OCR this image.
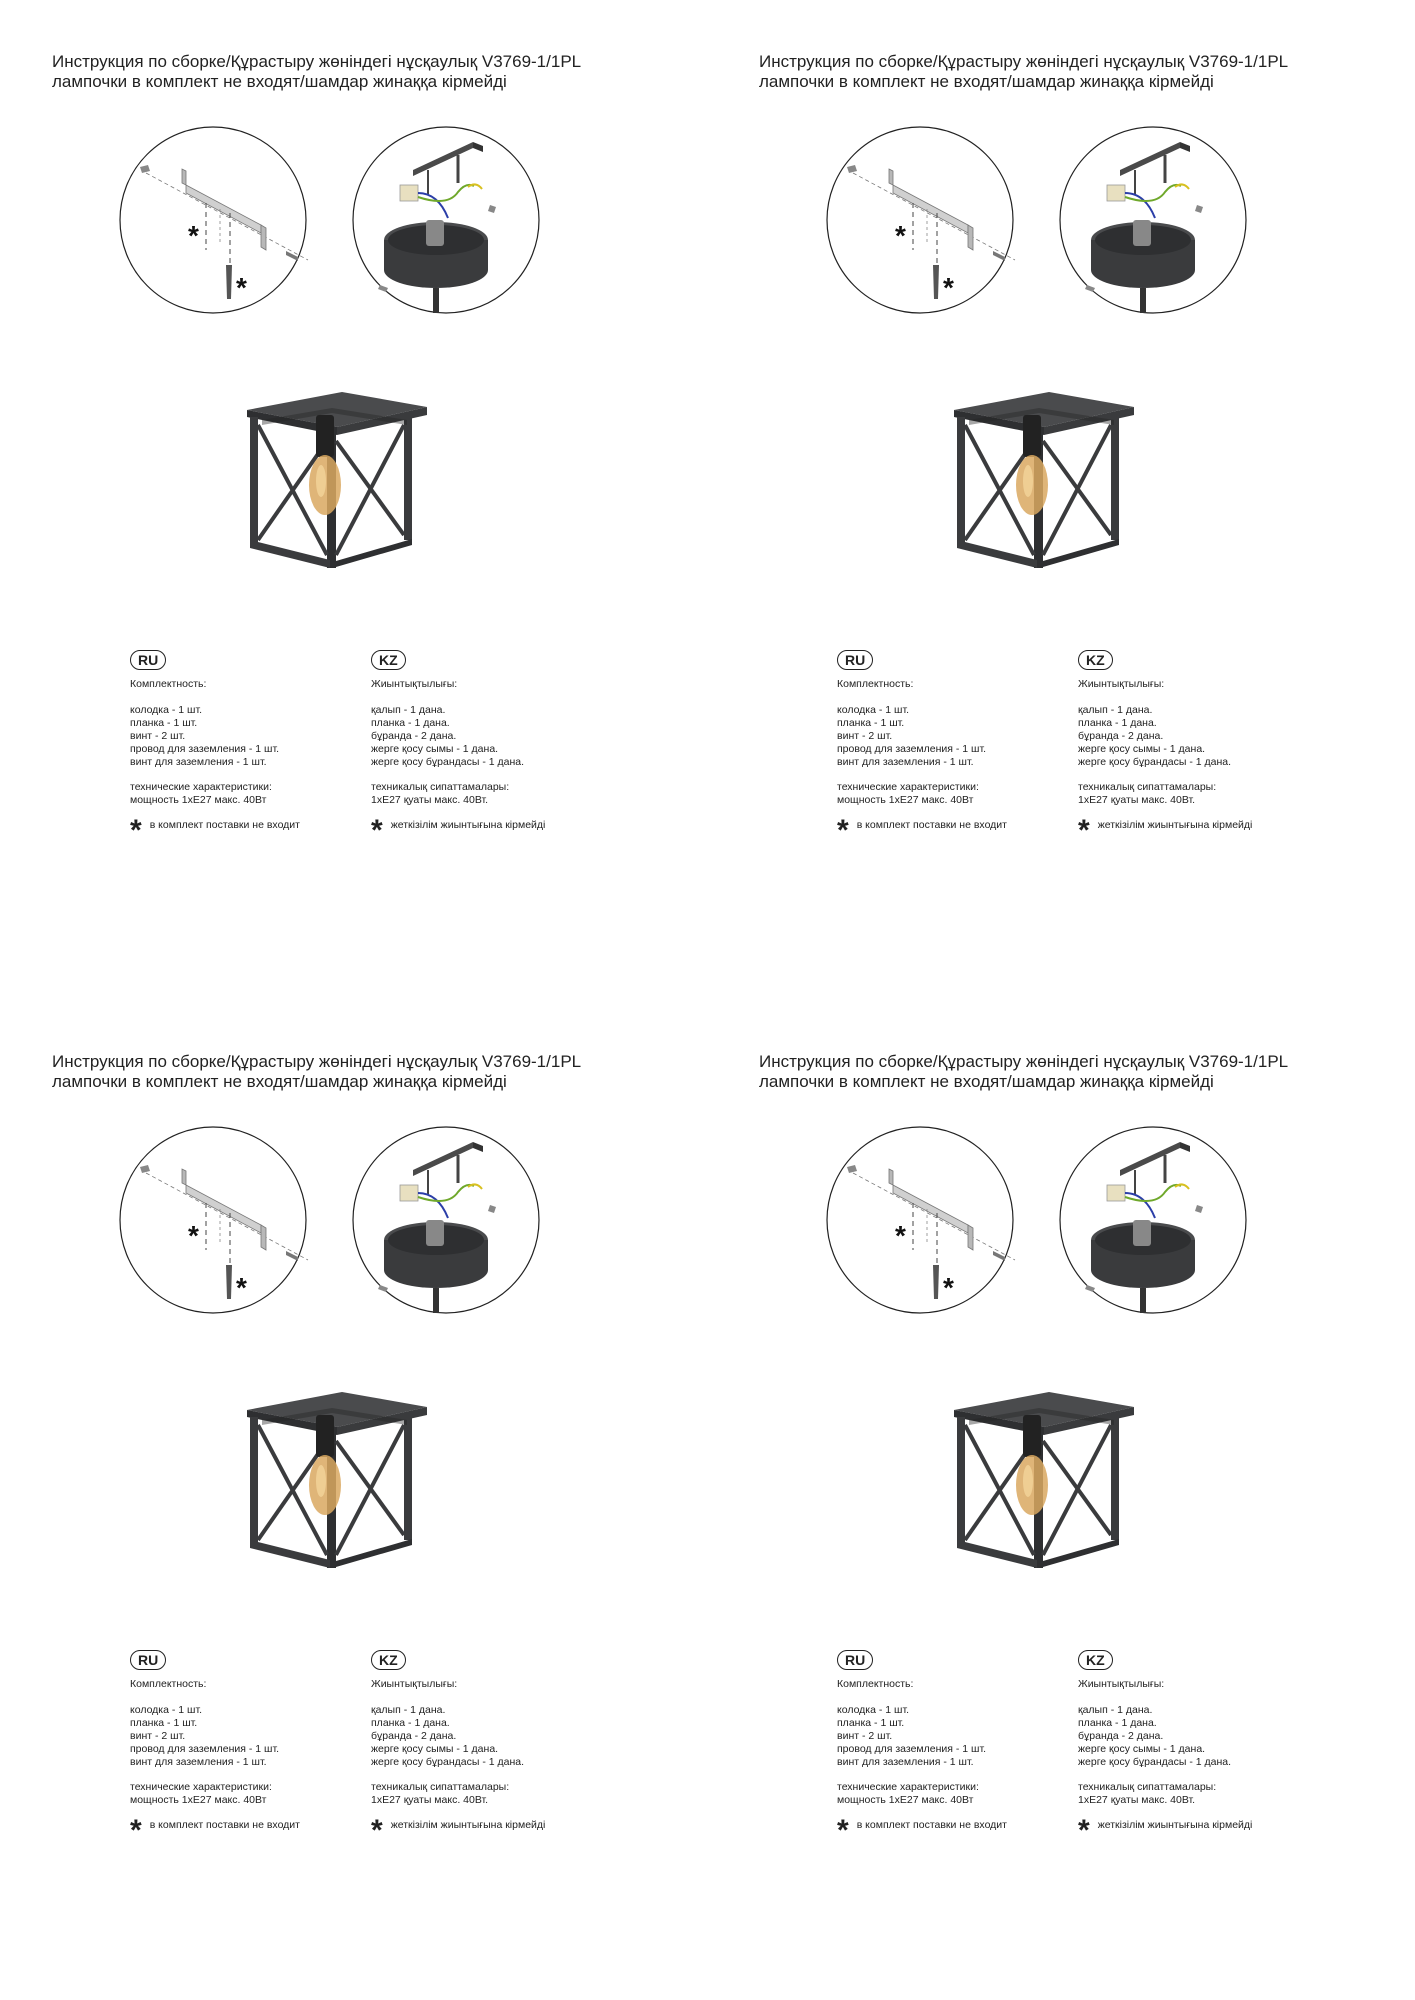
Инструкция по сборке/Құрастыру жөніндегі нұсқаулық V3769-1/1PL
лампочки в комплект не входят/шамдар жинаққа кірмейді
*
*
RU

Комплектность:

колодка - 1 шт.

планка - 1 шт.

винт - 2 шт.

провод для заземления - 1 шт.

винт для заземления - 1 шт.

технические характеристики:

мощность 1хЕ27 макс. 40Вт

* в комплект поставки не входит
KZ

Жиынтықтылығы:

қалып - 1 дана.

планка - 1 дана.

бұранда - 2 дана.

жерге қосу сымы - 1 дана.

жерге қосу бұрандасы - 1 дана.

техникалық сипаттамалары:

1хЕ27 қуаты макс. 40Вт.

* жеткізілім жиынтығына кірмейді
Инструкция по сборке/Құрастыру жөніндегі нұсқаулық V3769-1/1PL
лампочки в комплект не входят/шамдар жинаққа кірмейді
*
*
RU

Комплектность:

колодка - 1 шт.

планка - 1 шт.

винт - 2 шт.

провод для заземления - 1 шт.

винт для заземления - 1 шт.

технические характеристики:

мощность 1хЕ27 макс. 40Вт

* в комплект поставки не входит
KZ

Жиынтықтылығы:

қалып - 1 дана.

планка - 1 дана.

бұранда - 2 дана.

жерге қосу сымы - 1 дана.

жерге қосу бұрандасы - 1 дана.

техникалық сипаттамалары:

1хЕ27 қуаты макс. 40Вт.

* жеткізілім жиынтығына кірмейді
Инструкция по сборке/Құрастыру жөніндегі нұсқаулық V3769-1/1PL
лампочки в комплект не входят/шамдар жинаққа кірмейді
*
*
RU

Комплектность:

колодка - 1 шт.

планка - 1 шт.

винт - 2 шт.

провод для заземления - 1 шт.

винт для заземления - 1 шт.

технические характеристики:

мощность 1хЕ27 макс. 40Вт

* в комплект поставки не входит
KZ

Жиынтықтылығы:

қалып - 1 дана.

планка - 1 дана.

бұранда - 2 дана.

жерге қосу сымы - 1 дана.

жерге қосу бұрандасы - 1 дана.

техникалық сипаттамалары:

1хЕ27 қуаты макс. 40Вт.

* жеткізілім жиынтығына кірмейді
Инструкция по сборке/Құрастыру жөніндегі нұсқаулық V3769-1/1PL
лампочки в комплект не входят/шамдар жинаққа кірмейді
*
*
RU

Комплектность:

колодка - 1 шт.

планка - 1 шт.

винт - 2 шт.

провод для заземления - 1 шт.

винт для заземления - 1 шт.

технические характеристики:

мощность 1хЕ27 макс. 40Вт

* в комплект поставки не входит
KZ

Жиынтықтылығы:

қалып - 1 дана.

планка - 1 дана.

бұранда - 2 дана.

жерге қосу сымы - 1 дана.

жерге қосу бұрандасы - 1 дана.

техникалық сипаттамалары:

1хЕ27 қуаты макс. 40Вт.

* жеткізілім жиынтығына кірмейді
